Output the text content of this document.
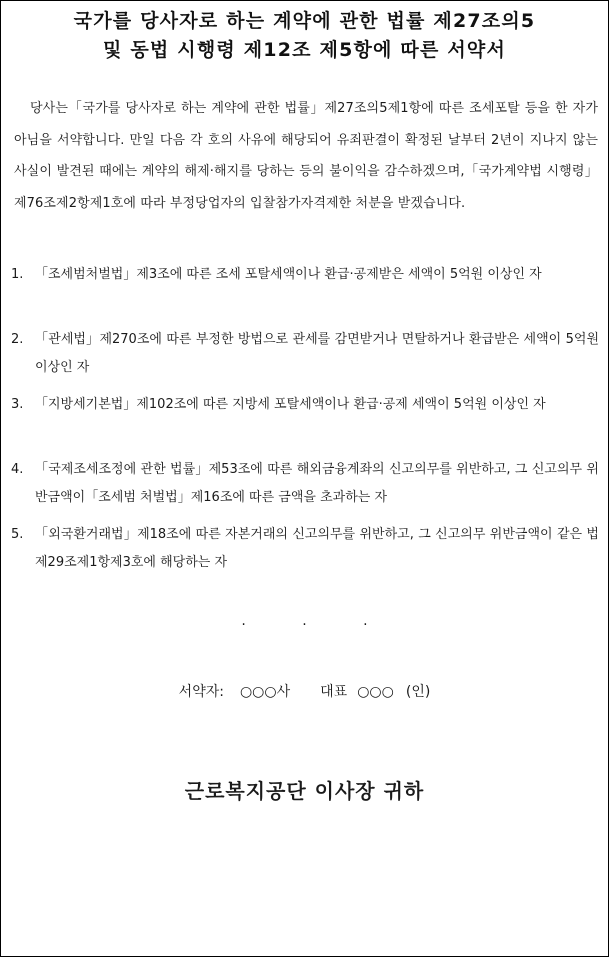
국가를 당사자로 하는 계약에 관한 법률 제27조의5
및 동법 시행령 제12조 제5항에 따른 서약서

당사는「국가를 당사자로 하는 계약에 관한 법률」제27조의5제1항에 따른 조세포탈 등을 한 자가 아님을 서약합니다. 만일 다음 각 호의 사유에 해당되어 유죄판결이 확정된 날부터 2년이 지나지 않는 사실이 발견된 때에는 계약의 해제·해지를 당하는 등의 불이익을 감수하겠으며,「국가계약법 시행령」제76조제2항제1호에 따라 부정당업자의 입찰참가자격제한 처분을 받겠습니다.

1. 「조세범처벌법」제3조에 따른 조세 포탈세액이나 환급·공제받은 세액이 5억원 이상인 자
2. 「관세법」제270조에 따른 부정한 방법으로 관세를 감면받거나 면탈하거나 환급받은 세액이 5억원 이상인 자
3. 「지방세기본법」제102조에 따른 지방세 포탈세액이나 환급·공제 세액이 5억원 이상인 자
4. 「국제조세조정에 관한 법률」제53조에 따른 해외금융계좌의 신고의무를 위반하고, 그 신고의무 위반금액이「조세범 처벌법」제16조에 따른 금액을 초과하는 자
5. 「외국환거래법」제18조에 따른 자본거래의 신고의무를 위반하고, 그 신고의무 위반금액이 같은 법 제29조제1항제3호에 해당하는 자
. . .
서약자: ○○○사 대표 ○○○ (인)
근로복지공단 이사장 귀하
